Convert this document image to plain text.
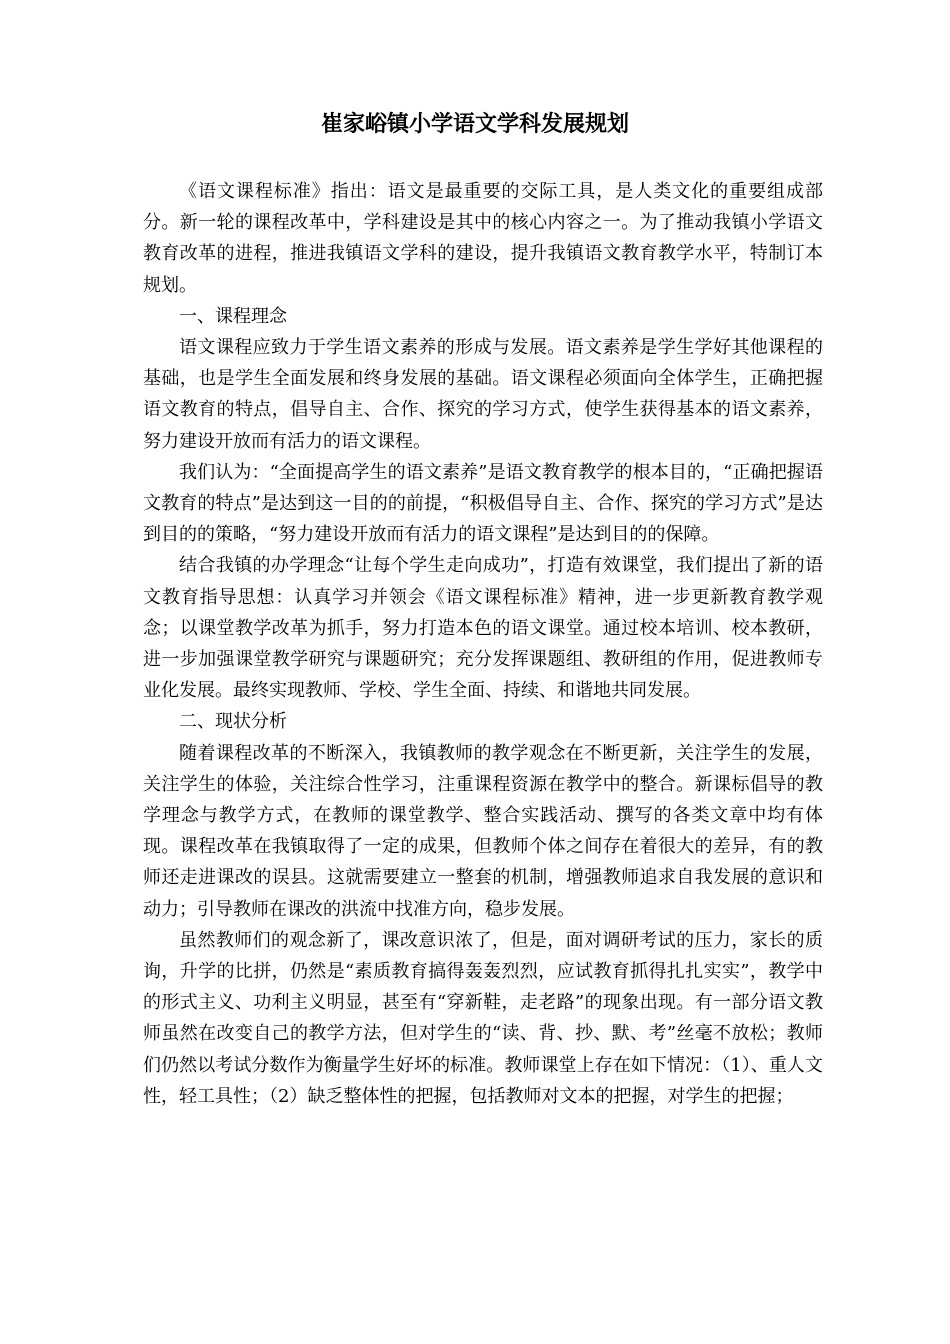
崔家峪镇小学语文学科发展规划

《语文课程标准》指出：语文是最重要的交际工具，是人类文化的重要组成部分。新一轮的课程改革中，学科建设是其中的核心内容之一。为了推动我镇小学语文教育改革的进程，推进我镇语文学科的建设，提升我镇语文教育教学水平，特制订本规划。

一、课程理念

语文课程应致力于学生语文素养的形成与发展。语文素养是学生学好其他课程的基础，也是学生全面发展和终身发展的基础。语文课程必须面向全体学生，正确把握语文教育的特点，倡导自主、合作、探究的学习方式，使学生获得基本的语文素养，努力建设开放而有活力的语文课程。

我们认为：“全面提高学生的语文素养”是语文教育教学的根本目的，“正确把握语文教育的特点”是达到这一目的的前提，“积极倡导自主、合作、探究的学习方式”是达到目的的策略，“努力建设开放而有活力的语文课程”是达到目的的保障。

结合我镇的办学理念“让每个学生走向成功”，打造有效课堂，我们提出了新的语文教育指导思想：认真学习并领会《语文课程标准》精神，进一步更新教育教学观念；以课堂教学改革为抓手，努力打造本色的语文课堂。通过校本培训、校本教研，进一步加强课堂教学研究与课题研究；充分发挥课题组、教研组的作用，促进教师专业化发展。最终实现教师、学校、学生全面、持续、和谐地共同发展。

二、现状分析

随着课程改革的不断深入，我镇教师的教学观念在不断更新，关注学生的发展，关注学生的体验，关注综合性学习，注重课程资源在教学中的整合。新课标倡导的教学理念与教学方式，在教师的课堂教学、整合实践活动、撰写的各类文章中均有体现。课程改革在我镇取得了一定的成果，但教师个体之间存在着很大的差异，有的教师还走进课改的误县。这就需要建立一整套的机制，增强教师追求自我发展的意识和动力；引导教师在课改的洪流中找准方向，稳步发展。

虽然教师们的观念新了，课改意识浓了，但是，面对调研考试的压力，家长的质询，升学的比拼，仍然是“素质教育搞得轰轰烈烈，应试教育抓得扎扎实实”，教学中的形式主义、功利主义明显，甚至有“穿新鞋，走老路”的现象出现。有一部分语文教师虽然在改变自己的教学方法，但对学生的“读、背、抄、默、考”丝毫不放松；教师们仍然以考试分数作为衡量学生好坏的标准。教师课堂上存在如下情况：（1）、重人文性，轻工具性；（2）缺乏整体性的把握，包括教师对文本的把握，对学生的把握；
